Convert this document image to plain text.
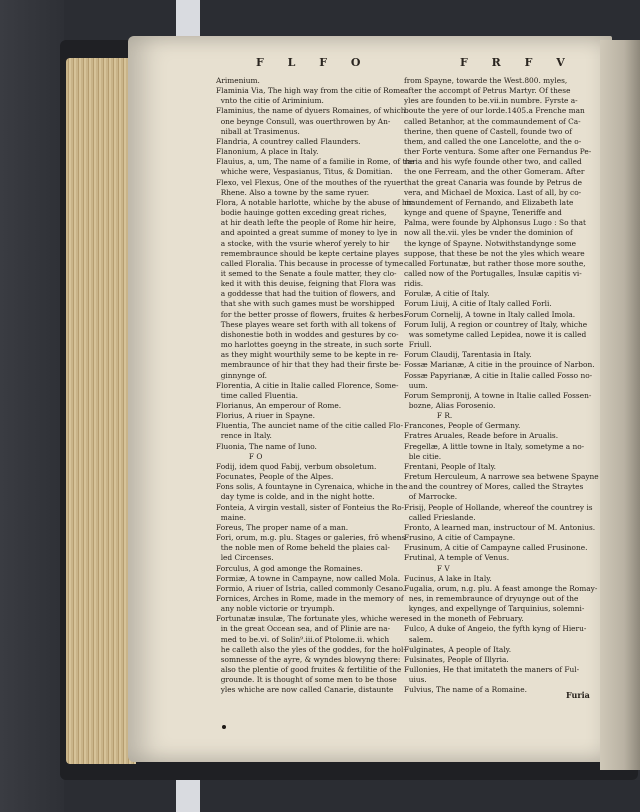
F L F O	F R F V
Arimenium.
Flaminia Via, The high way from the citie of Rome
vnto the citie of Ariminium.
Flaminius, the name of dyuers Romaines, of which
one beynge Consull, was ouerthrowen by An-
niball at Trasimenus.
Flandria, A countrey called Flaunders.
Flanonium, A place in Italy.
Flauius, a, um, The name of a familie in Rome, of the
whiche were, Vespasianus, Titus, & Domitian.
Flexo, vel Flexus, One of the mouthes of the ryuer
Rhene. Also a towne by the same ryuer.
Flora, A notable harlotte, whiche by the abuse of hir
bodie hauinge gotten exceding great riches,
at hir death lefte the people of Rome hir heire,
and apointed a great summe of money to lye in
a stocke, with the vsurie wherof yerely to hir
remembraunce should be kepte certaine playes
called Floralia. This because in processe of tyme
it semed to the Senate a foule matter, they clo-
ked it with this deuise, feigning that Flora was
a goddesse that had the tuition of flowers, and
that she with such games must be worshipped
for the better prosse of flowers, fruites & herbes.
These playes weare set forth with all tokens of
dishonestie both in woddes and gestures by co-
mo harlottes goeyng in the streate, in such sorte
as they might wourthily seme to be kepte in re-
membraunce of hir that they had their firste be-
ginnynge of.
Florentia, A citie in Italie called Florence, Some-
time called Fluentia.
Florianus, An emperour of Rome.
Florius, A riuer in Spayne.
Fluentia, The aunciet name of the citie called Flo-
rence in Italy.
Fluonia, The name of Iuno.
F O
Fodij, idem quod Fabij, verbum obsoletum.
Focunates, People of the Alpes.
Fons solis, A fountayne in Cyrenaica, whiche in the
day tyme is colde, and in the night hotte.
Fonteia, A virgin vestall, sister of Fonteius the Ro-
maine.
Foreus, The proper name of a man.
Fori, orum, m.g. plu. Stages or galeries, frō whens
the noble men of Rome beheld the plaies cal-
led Circenses.
Forculus, A god amonge the Romaines.
Formiæ, A towne in Campayne, now called Mola.
Formio, A riuer of Istria, called commonly Cesano.
Fornices, Arches in Rome, made in the memory of
any noble victorie or tryumph.
Fortunatæ insulæ, The fortunate yles, whiche were
in the great Occean sea, and of Plinie are na-
med to be.vi. of Solin⁹.iii.of Ptolome.ii. which
he calleth also the yles of the goddes, for the hol-
somnesse of the ayre, & wyndes blowyng there:
also the plentie of good fruites & fertilitie of the
grounde. It is thought of some men to be those
yles whiche are now called Canarie, distaunte
from Spayne, towarde the West.800. myles,
after the accompt of Petrus Martyr. Of these
yles are founden to be.vii.in numbre. Fyrste a-
boute the yere of our lorde.1405.a Frenche man
called Betanhor, at the commaundement of Ca-
therine, then quene of Castell, founde two of
them, and called the one Lancelotte, and the o-
ther Forte ventura. Some after one Fernandus Pe-
raria and his wyfe founde other two, and called
the one Ferream, and the other Gomeram. After
that the great Canaria was founde by Petrus de
vera, and Michael de Moxica. Last of all, by co-
maundement of Fernando, and Elizabeth late
kynge and quene of Spayne, Teneriffe and
Palma, were founde by Alphonsus Lugo : So that
now all the.vii. yles be vnder the dominion of
the kynge of Spayne. Notwithstandynge some
suppose, that these be not the yles which weare
called Fortunatæ, but rather those more southe,
called now of the Portugalles, Insulæ capitis vi-
ridis.
Forulæ, A citie of Italy.
Forum Liuij, A citie of Italy called Forli.
Forum Cornelij, A towne in Italy called Imola.
Forum Iulij, A region or countrey of Italy, whiche
was sometyme called Lepidea, nowe it is called
Friull.
Forum Claudij, Tarentasia in Italy.
Fossæ Marianæ, A citie in the prouince of Narbon.
Fossæ Papyrianæ, A citie in Italie called Fosso no-
uum.
Forum Sempronij, A towne in Italie called Fossen-
bozne, Alias Forosenio.
F R.
Francones, People of Germany.
Fratres Aruales, Reade before in Arualis.
Fregellæ, A little towne in Italy, sometyme a no-
ble citie.
Frentani, People of Italy.
Fretum Herculeum, A narrowe sea betwene Spayne
and the countrey of Mores, called the Straytes
of Marrocke.
Frisij, People of Hollande, whereof the countrey is
called Frieslande.
Fronto, A learned man, instructour of M. Antonius.
Frusino, A citie of Campayne.
Frusinum, A citie of Campayne called Frusinone.
Frutinal, A temple of Venus.
F V
Fucinus, A lake in Italy.
Fugalia, orum, n.g. plu. A feast amonge the Romay-
nes, in remembraunce of dryuynge out of the
kynges, and expellynge of Tarquinius, solemni-
sed in the moneth of February.
Fulco, A duke of Angeio, the fyfth kyng of Hieru-
salem.
Fulginates, A people of Italy.
Fulsinates, People of Illyria.
Fullonies, He that imitateth the maners of Ful-
uius.
Fulvius, The name of a Romaine.
Furia
